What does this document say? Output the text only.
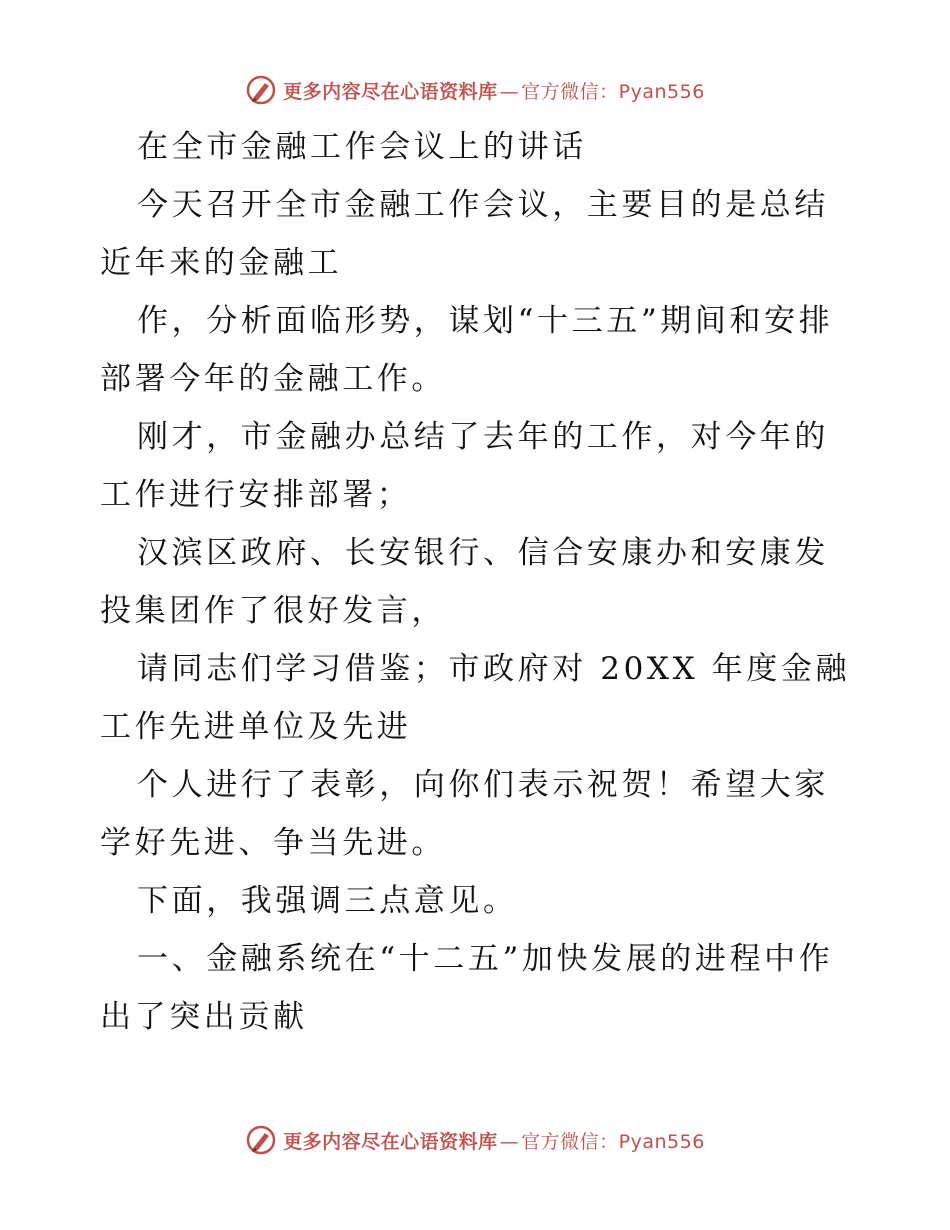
更多内容尽在心语资料库 — 官方微信：Pyan556

在全市金融工作会议上的讲话

今天召开全市金融工作会议，主要目的是总结近年来的金融工

作，分析面临形势，谋划“十三五”期间和安排部署今年的金融工作。

刚才，市金融办总结了去年的工作，对今年的工作进行安排部署；

汉滨区政府、长安银行、信合安康办和安康发投集团作了很好发言，

请同志们学习借鉴；市政府对 20XX 年度金融工作先进单位及先进

个人进行了表彰，向你们表示祝贺！希望大家学好先进、争当先进。

下面，我强调三点意见。

一、金融系统在“十二五”加快发展的进程中作出了突出贡献

更多内容尽在心语资料库 — 官方微信：Pyan556
